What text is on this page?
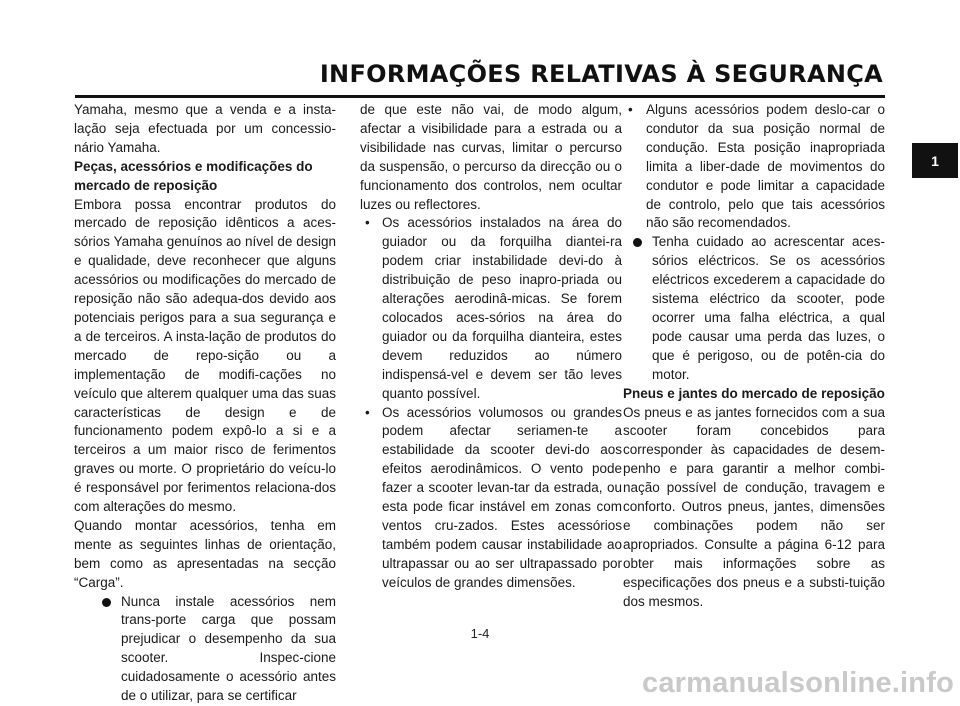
INFORMAÇÕES RELATIVAS À SEGURANÇA
1

Yamaha, mesmo que a venda e a insta-lação seja efectuada por um concessio-nário Yamaha.

Peças, acessórios e modificações do mercado de reposição

Embora possa encontrar produtos do mercado de reposição idênticos a aces-sórios Yamaha genuínos ao nível de design e qualidade, deve reconhecer que alguns acessórios ou modificações do mercado de reposição não são adequa-dos devido aos potenciais perigos para a sua segurança e a de terceiros. A insta-lação de produtos do mercado de repo-sição ou a implementação de modifi-cações no veículo que alterem qualquer uma das suas características de design e de funcionamento podem expô-lo a si e a terceiros a um maior risco de ferimentos graves ou morte. O proprietário do veícu-lo é responsável por ferimentos relaciona-dos com alterações do mesmo.

Quando montar acessórios, tenha em mente as seguintes linhas de orientação, bem como as apresentadas na secção “Carga”.

Nunca instale acessórios nem trans-porte carga que possam prejudicar o desempenho da sua scooter. Inspec-cione cuidadosamente o acessório antes de o utilizar, para se certificar

de que este não vai, de modo algum, afectar a visibilidade para a estrada ou a visibilidade nas curvas, limitar o percurso da suspensão, o percurso da direcção ou o funcionamento dos controlos, nem ocultar luzes ou reflectores.

• Os acessórios instalados na área do guiador ou da forquilha diantei-ra podem criar instabilidade devi-do à distribuição de peso inapro-priada ou alterações aerodinâ-micas. Se forem colocados aces-sórios na área do guiador ou da forquilha dianteira, estes devem reduzidos ao número indispensá-vel e devem ser tão leves quanto possível.
• Os acessórios volumosos ou grandes podem afectar seriamen-te a estabilidade da scooter devi-do aos efeitos aerodinâmicos. O vento pode fazer a scooter levan-tar da estrada, ou esta pode ficar instável em zonas com ventos cru-zados. Estes acessórios também podem causar instabilidade ao ultrapassar ou ao ser ultrapassado por veículos de grandes dimensões.
• Alguns acessórios podem deslo-car o condutor da sua posição normal de condução. Esta posição inapropriada limita a liber-dade de movimentos do condutor e pode limitar a capacidade de controlo, pelo que tais acessórios não são recomendados.
Tenha cuidado ao acrescentar aces-sórios eléctricos. Se os acessórios eléctricos excederem a capacidade do sistema eléctrico da scooter, pode ocorrer uma falha eléctrica, a qual pode causar uma perda das luzes, o que é perigoso, ou de potên-cia do motor.
Pneus e jantes do mercado de reposição

Os pneus e as jantes fornecidos com a sua scooter foram concebidos para corresponder às capacidades de desem-penho e para garantir a melhor combi-nação possível de condução, travagem e conforto. Outros pneus, jantes, dimensões e combinações podem não ser apropriados. Consulte a página 6-12 para obter mais informações sobre as especificações dos pneus e a substi-tuição dos mesmos.

1-4
carmanualsonline.info
